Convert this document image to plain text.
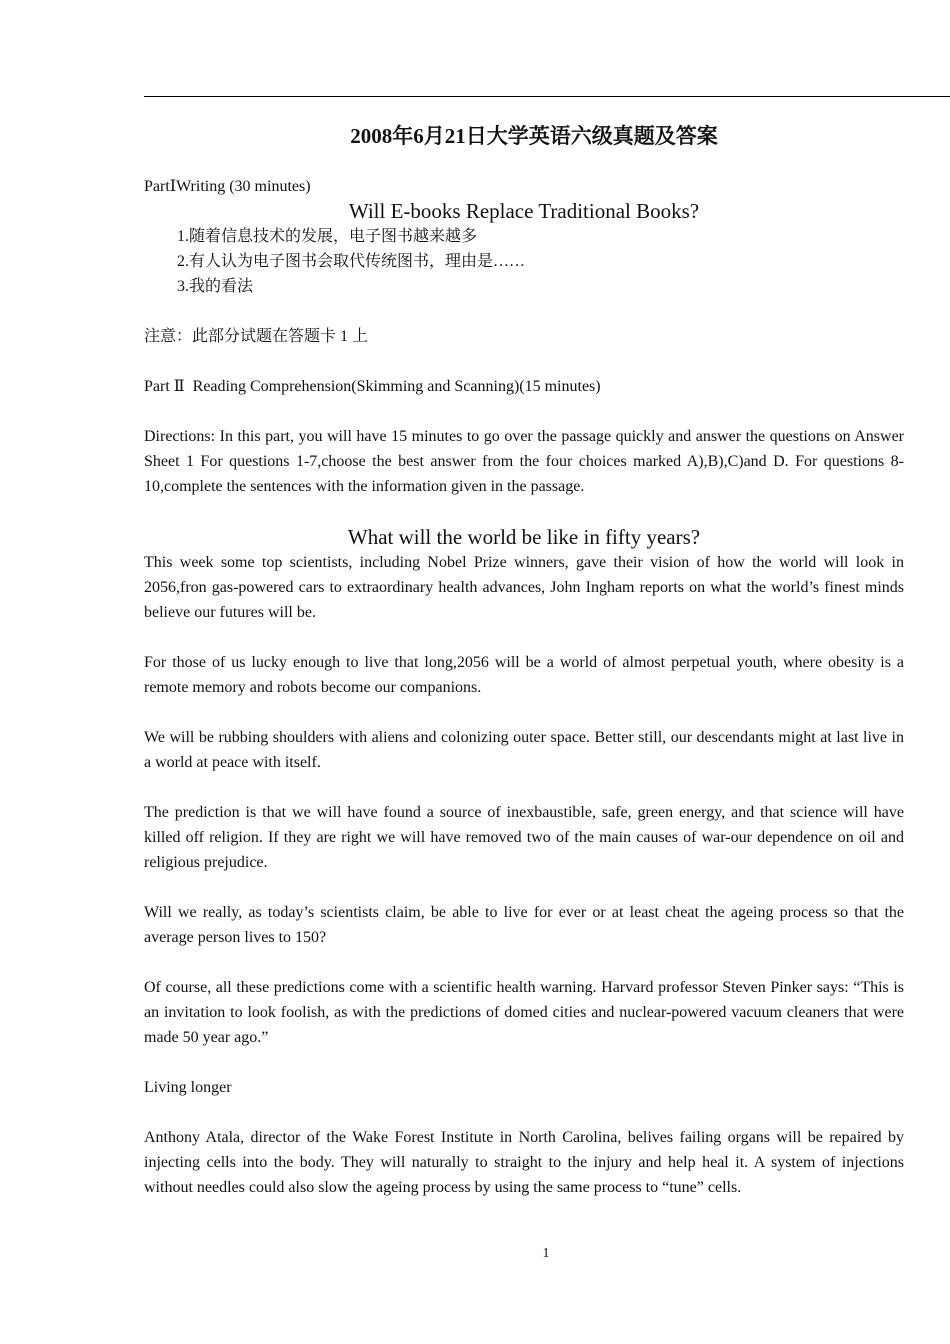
2008年6月21日大学英语六级真题及答案

PartⅠWriting (30 minutes)

Will E-books Replace Traditional Books?

1.随着信息技术的发展，电子图书越来越多

2.有人认为电子图书会取代传统图书，理由是……

3.我的看法

注意：此部分试题在答题卡 1 上

Part Ⅱ  Reading Comprehension(Skimming and Scanning)(15 minutes)

Directions: In this part, you will have 15 minutes to go over the passage quickly and answer the questions on Answer Sheet 1 For questions 1-7,choose the best answer from the four choices marked A),B),C)and D. For questions 8-10,complete the sentences with the information given in the passage.

What will the world be like in fifty years?

This week some top scientists, including Nobel Prize winners, gave their vision of how the world will look in 2056,fron gas-powered cars to extraordinary health advances, John Ingham reports on what the world’s finest minds believe our futures will be.

For those of us lucky enough to live that long,2056 will be a world of almost perpetual youth, where obesity is a remote memory and robots become our companions.

We will be rubbing shoulders with aliens and colonizing outer space. Better still, our descendants might at last live in a world at peace with itself.

The prediction is that we will have found a source of inexbaustible, safe, green energy, and that science will have killed off religion. If they are right we will have removed two of the main causes of war-our dependence on oil and religious prejudice.

Will we really, as today’s scientists claim, be able to live for ever or at least cheat the ageing process so that the average person lives to 150?

Of course, all these predictions come with a scientific health warning. Harvard professor Steven Pinker says: “This is an invitation to look foolish, as with the predictions of domed cities and nuclear-powered vacuum cleaners that were made 50 year ago.”

Living longer

Anthony Atala, director of the Wake Forest Institute in North Carolina, belives failing organs will be repaired by injecting cells into the body. They will naturally to straight to the injury and help heal it. A system of injections without needles could also slow the ageing process by using the same process to “tune” cells.

1
